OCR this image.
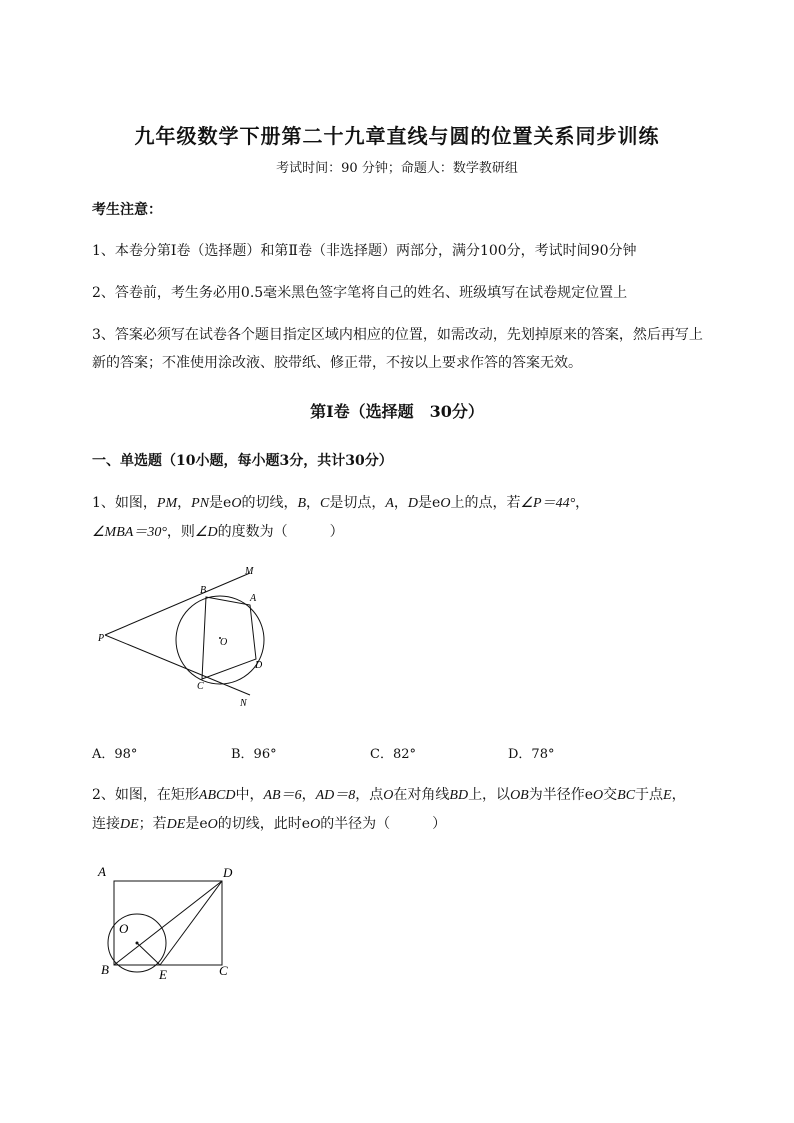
九年级数学下册第二十九章直线与圆的位置关系同步训练
考试时间：90 分钟；命题人：数学教研组
考生注意：
1、本卷分第Ⅰ卷（选择题）和第Ⅱ卷（非选择题）两部分，满分100分，考试时间90分钟
2、答卷前，考生务必用0.5毫米黑色签字笔将自己的姓名、班级填写在试卷规定位置上
3、答案必须写在试卷各个题目指定区域内相应的位置，如需改动，先划掉原来的答案，然后再写上新的答案；不准使用涂改液、胶带纸、修正带，不按以上要求作答的答案无效。
第Ⅰ卷（选择题　30分）
一、单选题（10小题，每小题3分，共计30分）
1、如图，PM，PN是eO的切线，B，C是切点，A，D是eO上的点，若∠P＝44°，
∠MBA＝30°，则∠D的度数为（　　　）
M
B
A
P	O
D
C
N
A．98°	B．96°	C．82°	D．78°
2、如图，在矩形ABCD中，AB＝6，AD＝8，点O在对角线BD上，以OB为半径作eO交BC于点E，
连接DE；若DE是eO的切线，此时eO的半径为（　　　）
A	D
O
B	E	C
